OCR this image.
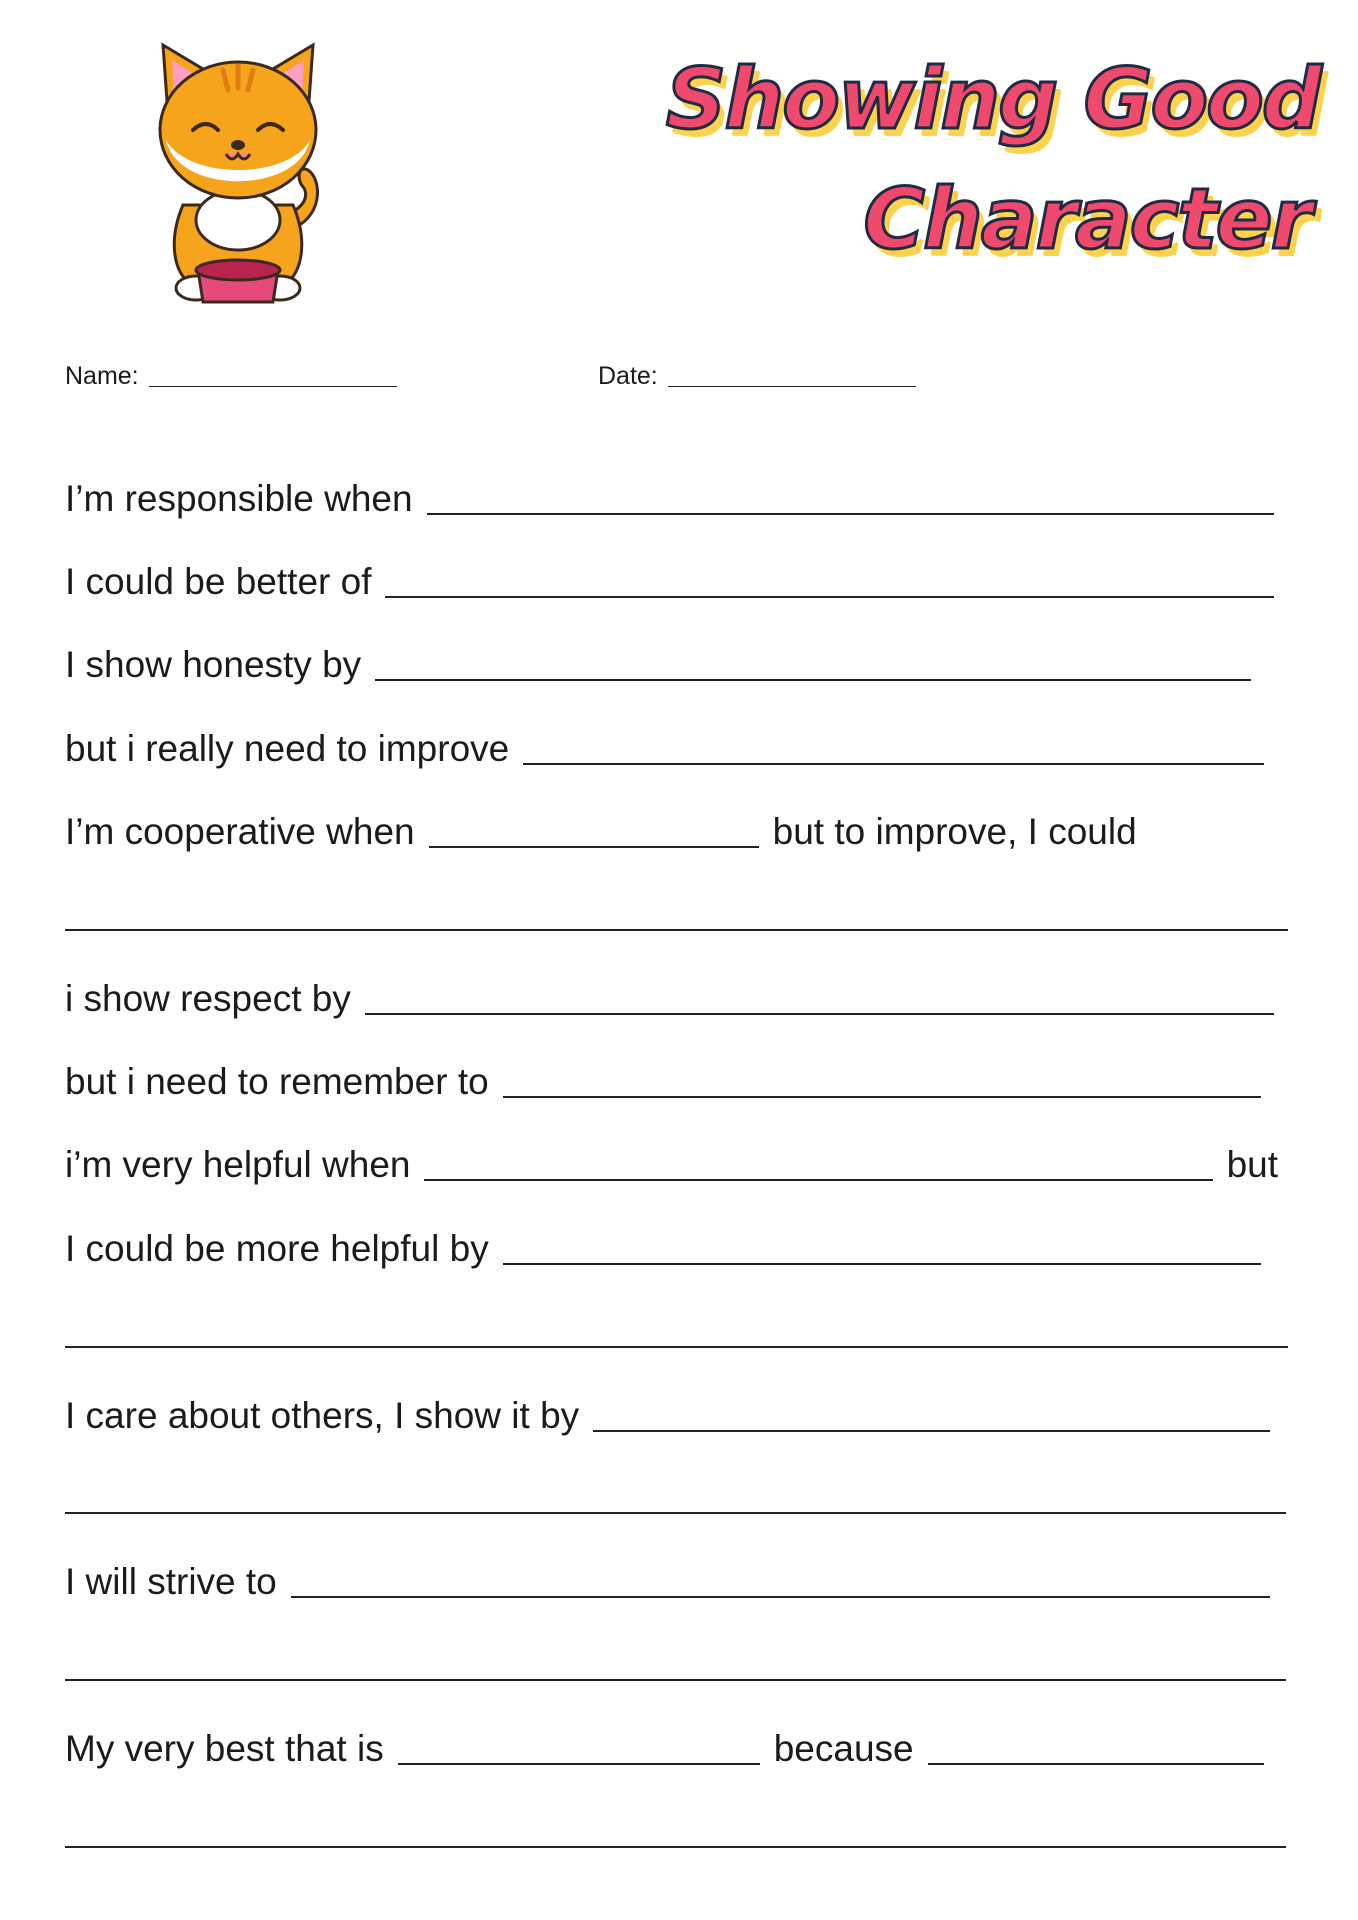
Showing Good

Character

Name:	Date:
I’m responsible when
I could be better of
I show honesty by
but i really need to improve
I’m cooperative when	but to improve, I could
i show respect by
but i need to remember to
i’m very helpful when	but
I could be more helpful by
I care about others, I show it by
I will strive to
My very best that is	because
